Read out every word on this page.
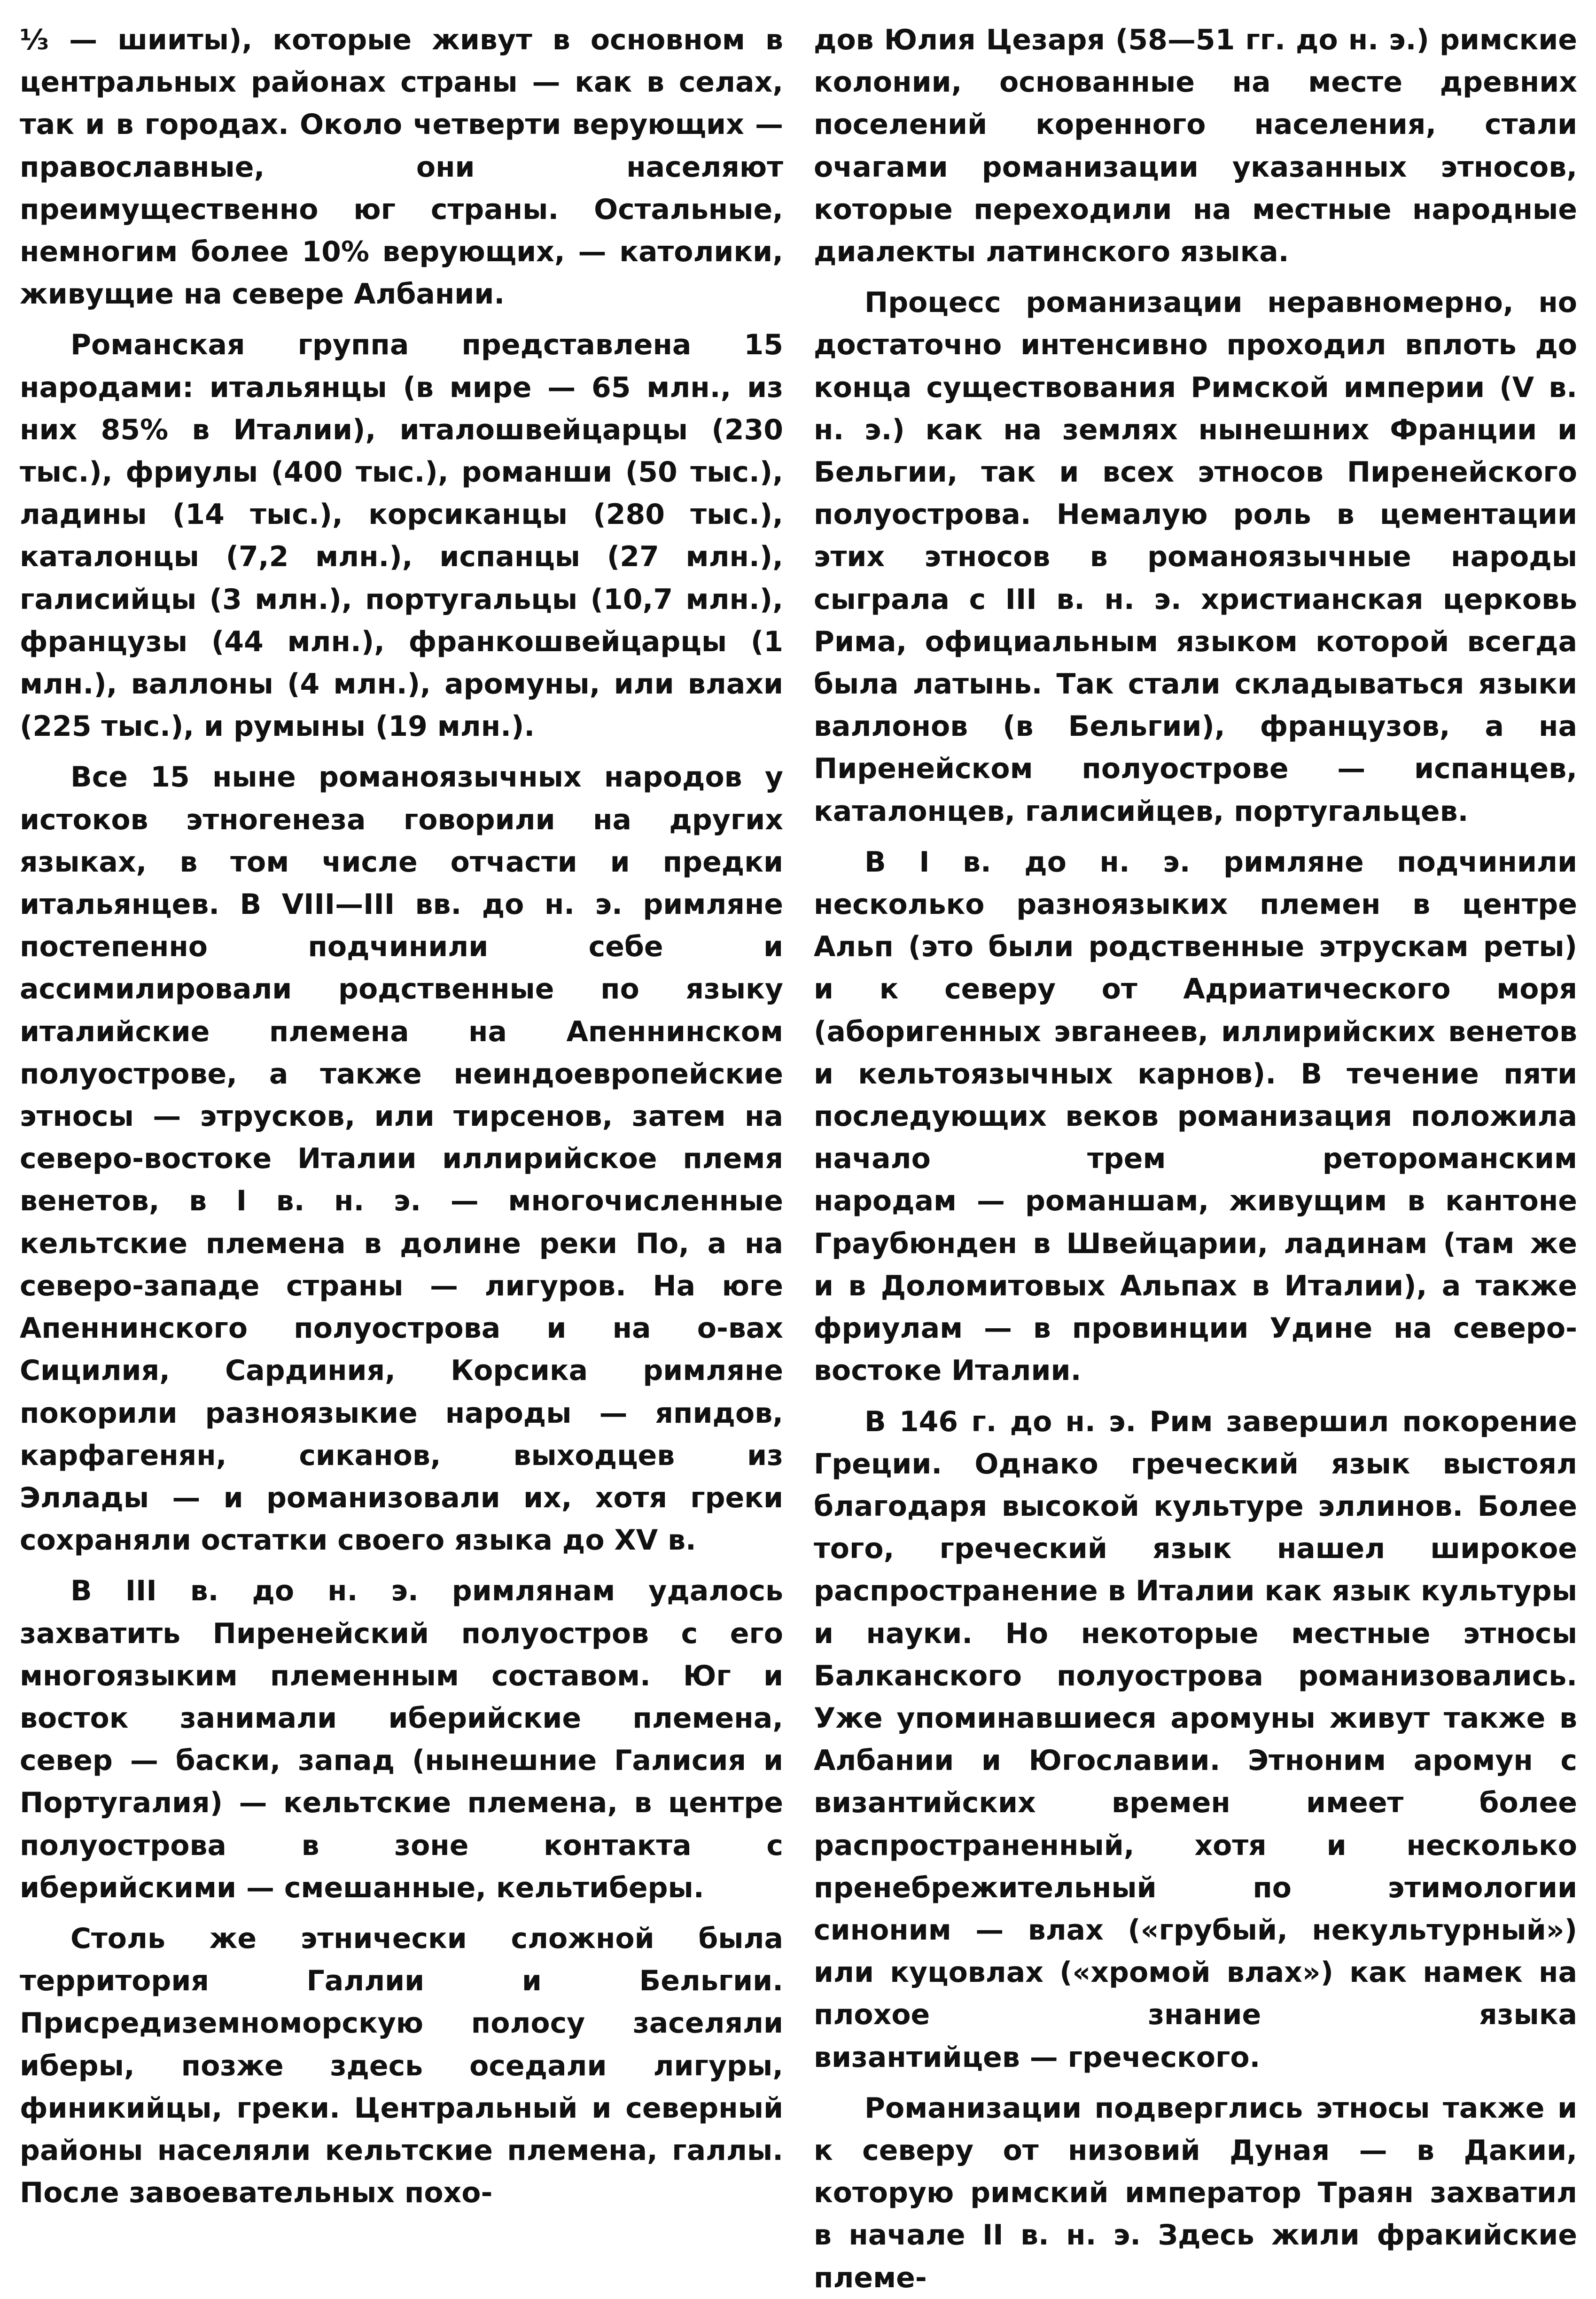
⅓ — шииты), которые живут в основном в центральных районах страны — как в селах, так и в городах. Около четверти верующих — православные, они населяют преимущественно юг страны. Остальные, немногим более 10% верующих, — католики, живущие на севере Албании.

Романская группа представлена 15 народами: итальянцы (в мире — 65 млн., из них 85% в Италии), италошвейцарцы (230 тыс.), фриулы (400 тыс.), романши (50 тыс.), ладины (14 тыс.), корсиканцы (280 тыс.), каталонцы (7,2 млн.), испанцы (27 млн.), галисийцы (3 млн.), португальцы (10,7 млн.), французы (44 млн.), франкошвейцарцы (1 млн.), валлоны (4 млн.), аромуны, или влахи (225 тыс.), и румыны (19 млн.).

Все 15 ныне романоязычных народов у истоков этногенеза говорили на других языках, в том числе отчасти и предки итальянцев. В VIII—III вв. до н. э. римляне постепенно подчинили себе и ассимилировали родственные по языку италийские племена на Апеннинском полуострове, а также неиндоевропейские этносы — этрусков, или тирсенов, затем на северо-востоке Италии иллирийское племя венетов, в I в. н. э. — многочисленные кельтские племена в долине реки По, а на северо-западе страны — лигуров. На юге Апеннинского полуострова и на о-вах Сицилия, Сардиния, Корсика римляне покорили разноязыкие народы — япидов, карфагенян, сиканов, выходцев из Эллады — и романизовали их, хотя греки сохраняли остатки своего языка до XV в.

В III в. до н. э. римлянам удалось захватить Пиренейский полуостров с его многоязыким племенным составом. Юг и восток занимали иберийские племена, север — баски, запад (нынешние Галисия и Португалия) — кельтские племена, в центре полуострова в зоне контакта с иберийскими — смешанные, кельтиберы.

Столь же этнически сложной была территория Галлии и Бельгии. Присредиземноморскую полосу заселяли иберы, позже здесь оседали лигуры, финикийцы, греки. Центральный и северный районы населяли кельтские племена, галлы. После завоевательных похо-

дов Юлия Цезаря (58—51 гг. до н. э.) римские колонии, основанные на месте древних поселений коренного населения, стали очагами романизации указанных этносов, которые переходили на местные народные диалекты латинского языка.

Процесс романизации неравномерно, но достаточно интенсивно проходил вплоть до конца существования Римской империи (V в. н. э.) как на землях нынешних Франции и Бельгии, так и всех этносов Пиренейского полуострова. Немалую роль в цементации этих этносов в романоязычные народы сыграла с III в. н. э. христианская церковь Рима, официальным языком которой всегда была латынь. Так стали складываться языки валлонов (в Бельгии), французов, а на Пиренейском полуострове — испанцев, каталонцев, галисийцев, португальцев.

В I в. до н. э. римляне подчинили несколько разноязыких племен в центре Альп (это были родственные этрускам реты) и к северу от Адриатического моря (аборигенных эвганеев, иллирийских венетов и кельтоязычных карнов). В течение пяти последующих веков романизация положила начало трем ретороманским народам — романшам, живущим в кантоне Граубюнден в Швейцарии, ладинам (там же и в Доломитовых Альпах в Италии), а также фриулам — в провинции Удине на северо-востоке Италии.

В 146 г. до н. э. Рим завершил покорение Греции. Однако греческий язык выстоял благодаря высокой культуре эллинов. Более того, греческий язык нашел широкое распространение в Италии как язык культуры и науки. Но некоторые местные этносы Балканского полуострова романизовались. Уже упоминавшиеся аромуны живут также в Албании и Югославии. Этноним аромун с византийских времен имеет более распространенный, хотя и несколько пренебрежительный по этимологии синоним — влах («грубый, некультурный») или куцовлах («хромой влах») как намек на плохое знание языка византийцев — греческого.

Романизации подверглись этносы также и к северу от низовий Дуная — в Дакии, которую римский император Траян захватил в начале II в. н. э. Здесь жили фракийские племе-
